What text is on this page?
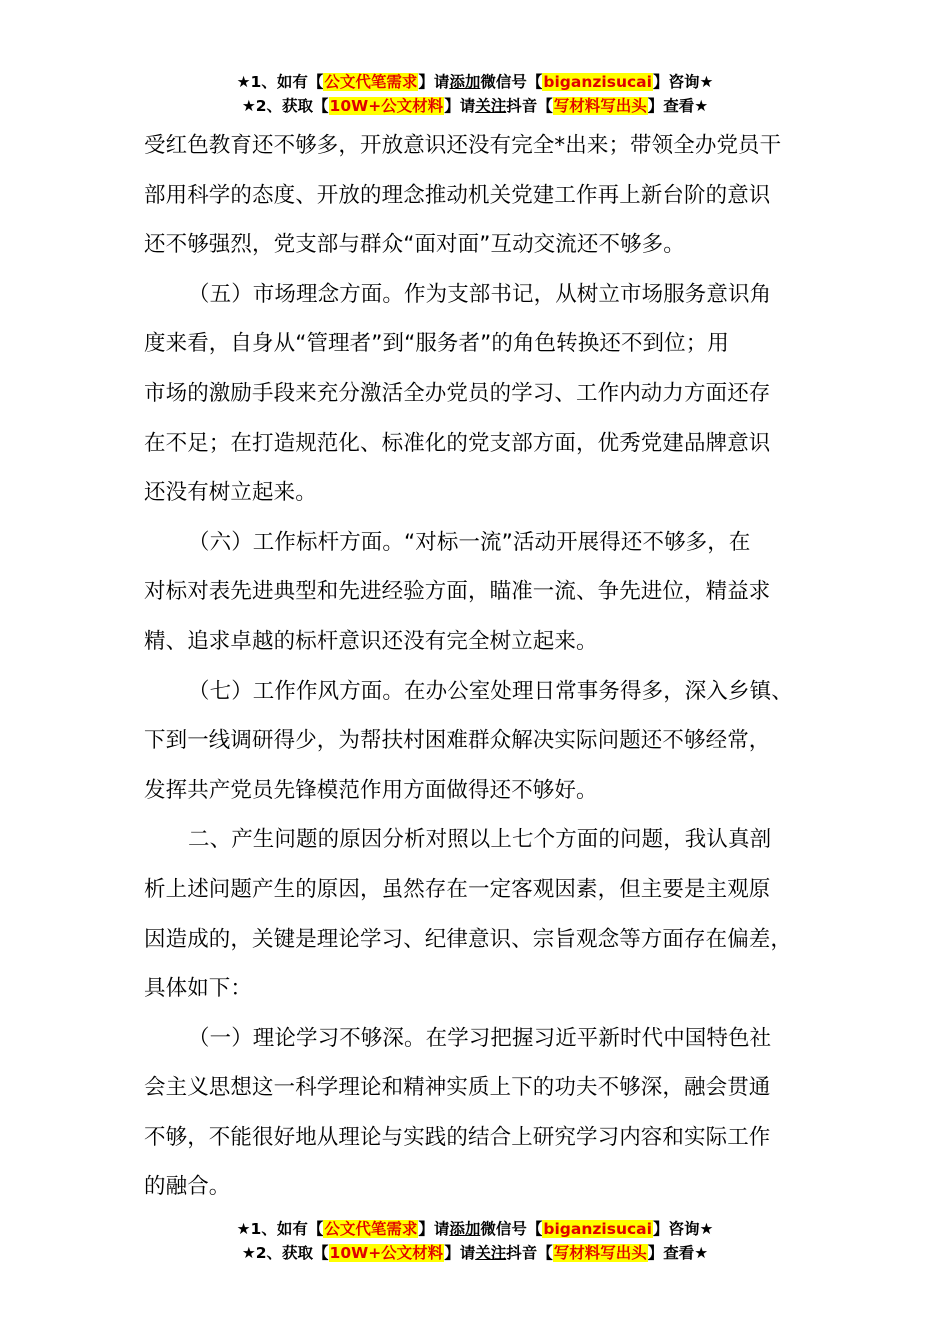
★1、如有【公文代笔需求】请添加微信号【biganzisucai】咨询★
★2、获取【10W+公文材料】请关注抖音【写材料写出头】查看★
受红色教育还不够多，开放意识还没有完全*出来；带领全办党员干
部用科学的态度、开放的理念推动机关党建工作再上新台阶的意识
还不够强烈，党支部与群众“面对面”互动交流还不够多。
（五）市场理念方面。作为支部书记，从树立市场服务意识角
度来看，自身从“管理者”到“服务者”的角色转换还不到位；用
市场的激励手段来充分激活全办党员的学习、工作内动力方面还存
在不足；在打造规范化、标准化的党支部方面，优秀党建品牌意识
还没有树立起来。
（六）工作标杆方面。“对标一流”活动开展得还不够多，在
对标对表先进典型和先进经验方面，瞄准一流、争先进位，精益求
精、追求卓越的标杆意识还没有完全树立起来。
（七）工作作风方面。在办公室处理日常事务得多，深入乡镇、
下到一线调研得少，为帮扶村困难群众解决实际问题还不够经常，
发挥共产党员先锋模范作用方面做得还不够好。
二、产生问题的原因分析对照以上七个方面的问题，我认真剖
析上述问题产生的原因，虽然存在一定客观因素，但主要是主观原
因造成的，关键是理论学习、纪律意识、宗旨观念等方面存在偏差，
具体如下：
（一）理论学习不够深。在学习把握习近平新时代中国特色社
会主义思想这一科学理论和精神实质上下的功夫不够深，融会贯通
不够，不能很好地从理论与实践的结合上研究学习内容和实际工作
的融合。
★1、如有【公文代笔需求】请添加微信号【biganzisucai】咨询★
★2、获取【10W+公文材料】请关注抖音【写材料写出头】查看★
